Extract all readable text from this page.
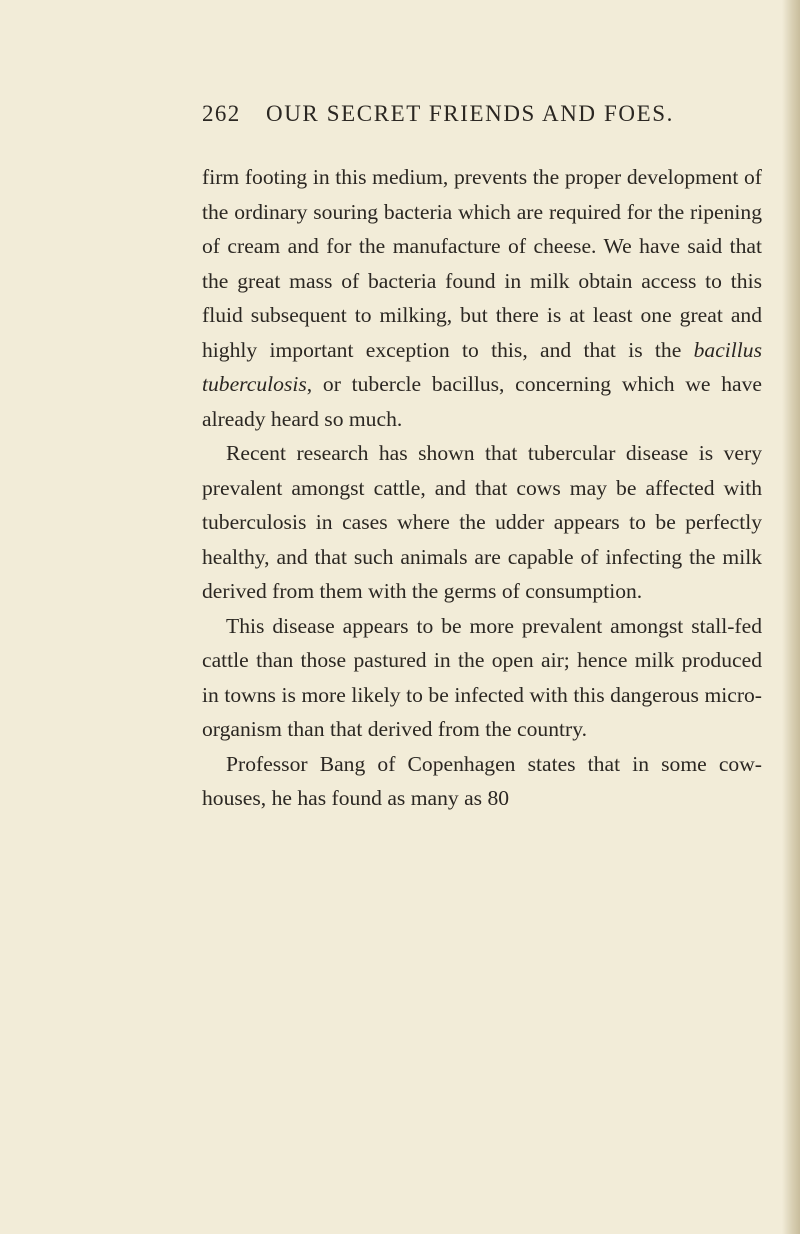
262 OUR SECRET FRIENDS AND FOES.

firm footing in this medium, prevents the proper development of the ordinary souring bacteria which are required for the ripening of cream and for the manufacture of cheese. We have said that the great mass of bacteria found in milk obtain access to this fluid subsequent to milking, but there is at least one great and highly important exception to this, and that is the bacillus tuberculosis, or tubercle bacillus, concerning which we have already heard so much.

Recent research has shown that tubercular disease is very prevalent amongst cattle, and that cows may be affected with tuberculosis in cases where the udder appears to be perfectly healthy, and that such animals are capable of infecting the milk derived from them with the germs of consumption.

This disease appears to be more prevalent amongst stall-fed cattle than those pastured in the open air; hence milk produced in towns is more likely to be infected with this dangerous micro-organism than that derived from the country.

Professor Bang of Copenhagen states that in some cow-houses, he has found as many as 80
